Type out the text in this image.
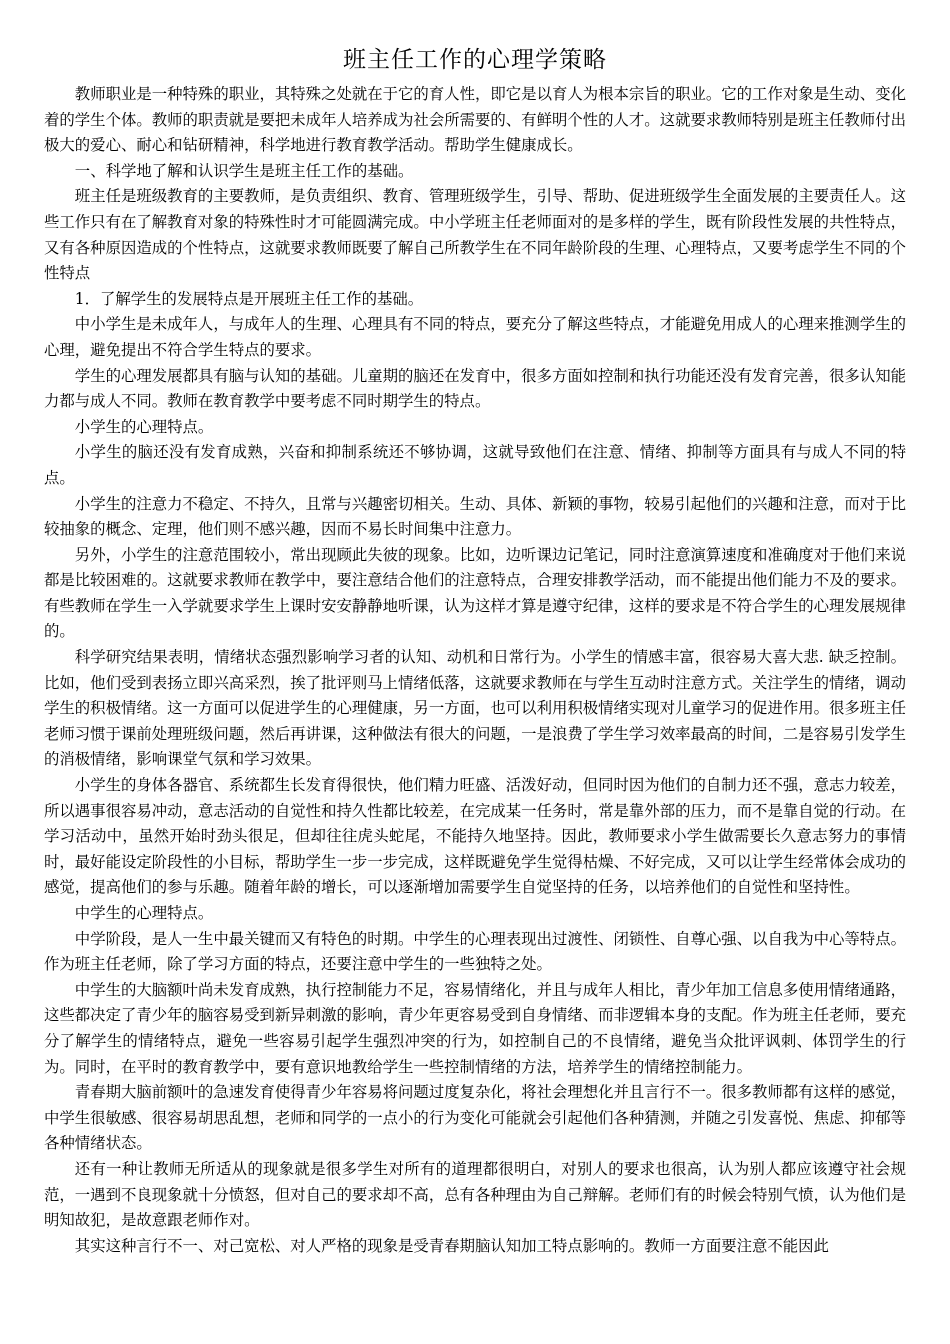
班主任工作的心理学策略

教师职业是一种特殊的职业，其特殊之处就在于它的育人性，即它是以育人为根本宗旨的职业。它的工作对象是生动、变化着的学生个体。教师的职责就是要把未成年人培养成为社会所需要的、有鲜明个性的人才。这就要求教师特别是班主任教师付出极大的爱心、耐心和钻研精神，科学地进行教育教学活动。帮助学生健康成长。

一、科学地了解和认识学生是班主任工作的基础。

班主任是班级教育的主要教师，是负责组织、教育、管理班级学生，引导、帮助、促进班级学生全面发展的主要责任人。这些工作只有在了解教育对象的特殊性时才可能圆满完成。中小学班主任老师面对的是多样的学生，既有阶段性发展的共性特点，又有各种原因造成的个性特点，这就要求教师既要了解自己所教学生在不同年龄阶段的生理、心理特点，又要考虑学生不同的个性特点

1．了解学生的发展特点是开展班主任工作的基础。

中小学生是未成年人，与成年人的生理、心理具有不同的特点，要充分了解这些特点，才能避免用成人的心理来推测学生的心理，避免提出不符合学生特点的要求。

学生的心理发展都具有脑与认知的基础。儿童期的脑还在发育中，很多方面如控制和执行功能还没有发育完善，很多认知能力都与成人不同。教师在教育教学中要考虑不同时期学生的特点。

小学生的心理特点。

小学生的脑还没有发育成熟，兴奋和抑制系统还不够协调，这就导致他们在注意、情绪、抑制等方面具有与成人不同的特点。

小学生的注意力不稳定、不持久，且常与兴趣密切相关。生动、具体、新颖的事物，较易引起他们的兴趣和注意，而对于比较抽象的概念、定理，他们则不感兴趣，因而不易长时间集中注意力。

另外，小学生的注意范围较小，常出现顾此失彼的现象。比如，边听课边记笔记，同时注意演算速度和准确度对于他们来说都是比较困难的。这就要求教师在教学中，要注意结合他们的注意特点，合理安排教学活动，而不能提出他们能力不及的要求。有些教师在学生一入学就要求学生上课时安安静静地听课，认为这样才算是遵守纪律，这样的要求是不符合学生的心理发展规律的。

科学研究结果表明，情绪状态强烈影响学习者的认知、动机和日常行为。小学生的情感丰富，很容易大喜大悲. 缺乏控制。比如，他们受到表扬立即兴高采烈，挨了批评则马上情绪低落，这就要求教师在与学生互动时注意方式。关注学生的情绪，调动学生的积极情绪。这一方面可以促进学生的心理健康，另一方面，也可以利用积极情绪实现对儿童学习的促进作用。很多班主任老师习惯于课前处理班级问题，然后再讲课，这种做法有很大的问题，一是浪费了学生学习效率最高的时间，二是容易引发学生的消极情绪，影响课堂气氛和学习效果。

小学生的身体各器官、系统都生长发育得很快，他们精力旺盛、活泼好动，但同时因为他们的自制力还不强，意志力较差，所以遇事很容易冲动，意志活动的自觉性和持久性都比较差，在完成某一任务时，常是靠外部的压力，而不是靠自觉的行动。在学习活动中，虽然开始时劲头很足，但却往往虎头蛇尾，不能持久地坚持。因此，教师要求小学生做需要长久意志努力的事情时，最好能设定阶段性的小目标，帮助学生一步一步完成，这样既避免学生觉得枯燥、不好完成，又可以让学生经常体会成功的感觉，提高他们的参与乐趣。随着年龄的增长，可以逐渐增加需要学生自觉坚持的任务，以培养他们的自觉性和坚持性。

中学生的心理特点。

中学阶段，是人一生中最关键而又有特色的时期。中学生的心理表现出过渡性、闭锁性、自尊心强、以自我为中心等特点。作为班主任老师，除了学习方面的特点，还要注意中学生的一些独特之处。

中学生的大脑额叶尚未发育成熟，执行控制能力不足，容易情绪化，并且与成年人相比，青少年加工信息多使用情绪通路，这些都决定了青少年的脑容易受到新异刺激的影响，青少年更容易受到自身情绪、而非逻辑本身的支配。作为班主任老师，要充分了解学生的情绪特点，避免一些容易引起学生强烈冲突的行为，如控制自己的不良情绪，避免当众批评讽刺、体罚学生的行为。同时，在平时的教育教学中，要有意识地教给学生一些控制情绪的方法，培养学生的情绪控制能力。

青春期大脑前额叶的急速发育使得青少年容易将问题过度复杂化，将社会理想化并且言行不一。很多教师都有这样的感觉，中学生很敏感、很容易胡思乱想，老师和同学的一点小的行为变化可能就会引起他们各种猜测，并随之引发喜悦、焦虑、抑郁等各种情绪状态。

还有一种让教师无所适从的现象就是很多学生对所有的道理都很明白，对别人的要求也很高，认为别人都应该遵守社会规范，一遇到不良现象就十分愤怒，但对自己的要求却不高，总有各种理由为自己辩解。老师们有的时候会特别气愤，认为他们是明知故犯，是故意跟老师作对。

其实这种言行不一、对己宽松、对人严格的现象是受青春期脑认知加工特点影响的。教师一方面要注意不能因此
